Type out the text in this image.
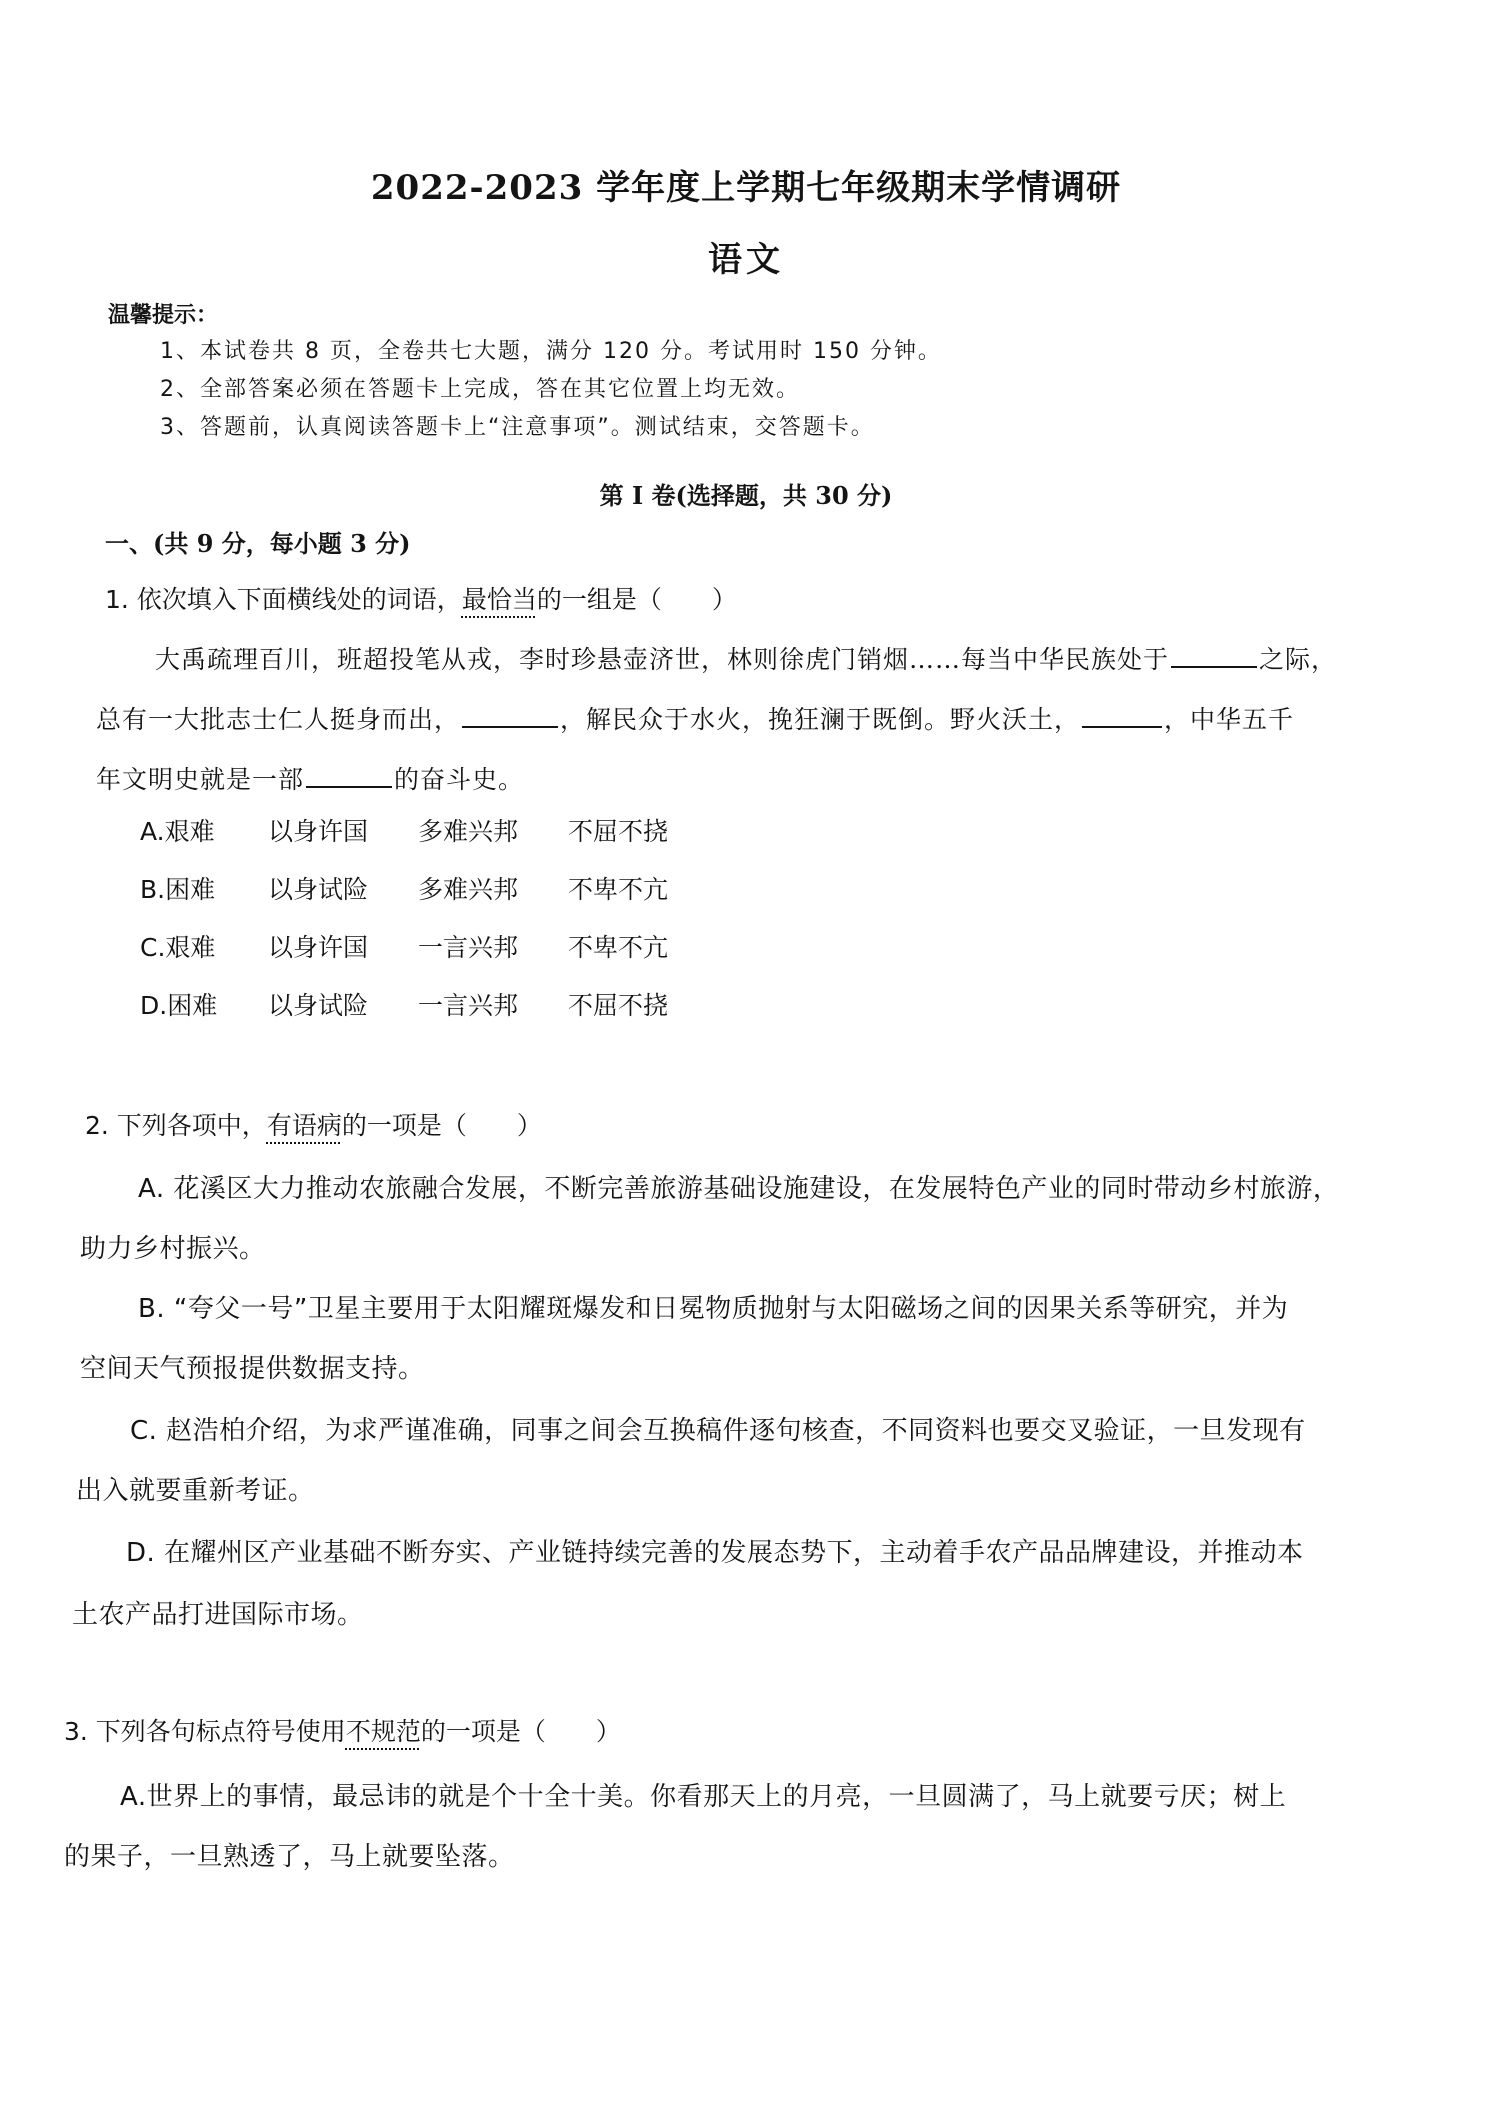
2022-2023 学年度上学期七年级期末学情调研
语文
温馨提示：
1、本试卷共 8 页，全卷共七大题，满分 120 分。考试用时 150 分钟。
2、全部答案必须在答题卡上完成，答在其它位置上均无效。
3、答题前，认真阅读答题卡上“注意事项”。测试结束，交答题卡。
第 I 卷(选择题，共 30 分)
一、(共 9 分，每小题 3 分)
1. 依次填入下面横线处的词语，最恰当的一组是（　　）
大禹疏理百川，班超投笔从戎，李时珍悬壶济世，林则徐虎门销烟……每当中华民族处于	之际，
总有一大批志士仁人挺身而出，	，解民众于水火，挽狂澜于既倒。野火沃土，	，中华五千
年文明史就是一部	的奋斗史。
A.艰难 以身许国 多难兴邦 不屈不挠
B.困难 以身试险 多难兴邦 不卑不亢
C.艰难 以身许国 一言兴邦 不卑不亢
D.困难 以身试险 一言兴邦 不屈不挠
2. 下列各项中，有语病的一项是（　　）
A. 花溪区大力推动农旅融合发展，不断完善旅游基础设施建设，在发展特色产业的同时带动乡村旅游，
助力乡村振兴。
B. “夸父一号”卫星主要用于太阳耀斑爆发和日冕物质抛射与太阳磁场之间的因果关系等研究，并为
空间天气预报提供数据支持。
C. 赵浩柏介绍，为求严谨准确，同事之间会互换稿件逐句核查，不同资料也要交叉验证，一旦发现有
出入就要重新考证。
D. 在耀州区产业基础不断夯实、产业链持续完善的发展态势下，主动着手农产品品牌建设，并推动本
土农产品打进国际市场。
3. 下列各句标点符号使用不规范的一项是（　　）
A.世界上的事情，最忌讳的就是个十全十美。你看那天上的月亮，一旦圆满了，马上就要亏厌；树上
的果子，一旦熟透了，马上就要坠落。
